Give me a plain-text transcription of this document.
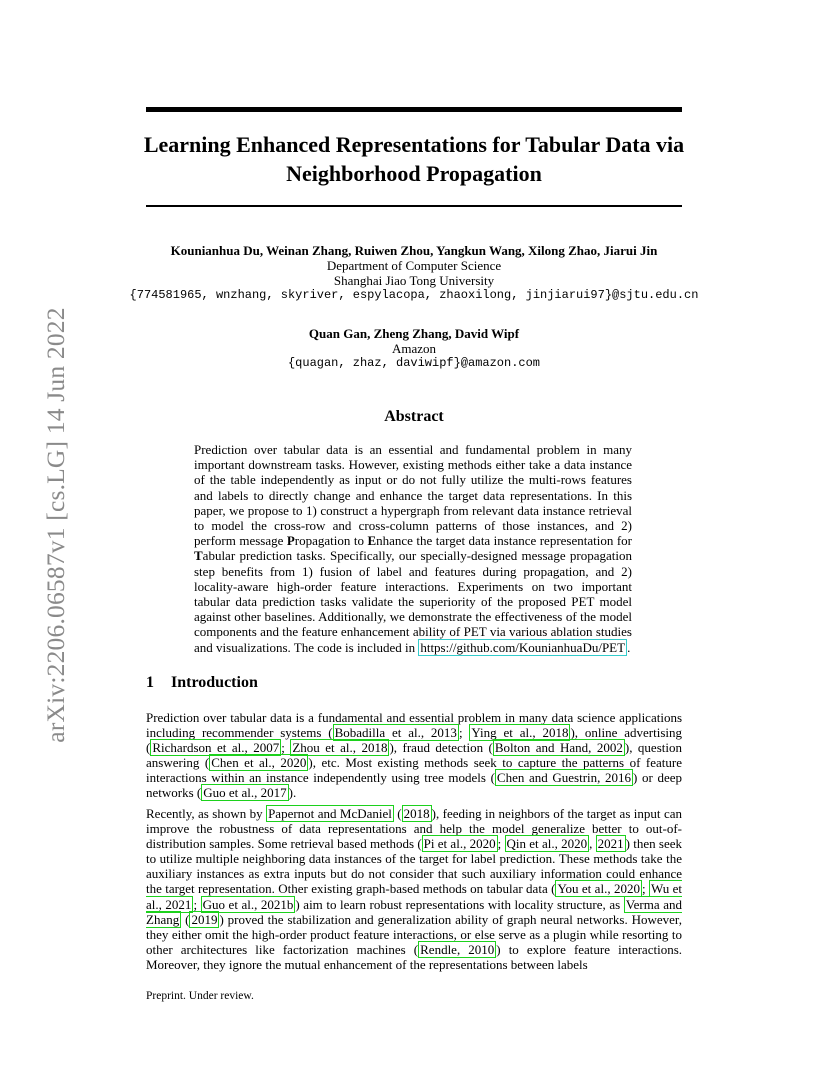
Learning Enhanced Representations for Tabular Data via Neighborhood Propagation
arXiv:2206.06587v1 [cs.LG] 14 Jun 2022
Kounianhua Du, Weinan Zhang, Ruiwen Zhou, Yangkun Wang, Xilong Zhao, Jiarui Jin
Department of Computer Science
Shanghai Jiao Tong University
{774581965, wnzhang, skyriver, espylacopa, zhaoxilong, jinjiarui97}@sjtu.edu.cn
Quan Gan, Zheng Zhang, David Wipf
Amazon
{quagan, zhaz, daviwipf}@amazon.com
Abstract

Prediction over tabular data is an essential and fundamental problem in many important downstream tasks. However, existing methods either take a data instance of the table independently as input or do not fully utilize the multi-rows features and labels to directly change and enhance the target data representations. In this paper, we propose to 1) construct a hypergraph from relevant data instance retrieval to model the cross-row and cross-column patterns of those instances, and 2) perform message Propagation to Enhance the target data instance representation for Tabular prediction tasks. Specifically, our specially-designed message propagation step benefits from 1) fusion of label and features during propagation, and 2) locality-aware high-order feature interactions. Experiments on two important tabular data prediction tasks validate the superiority of the proposed PET model against other baselines. Additionally, we demonstrate the effectiveness of the model components and the feature enhancement ability of PET via various ablation studies and visualizations. The code is included in https://github.com/KounianhuaDu/PET .

1 Introduction

Prediction over tabular data is a fundamental and essential problem in many data science applications including recommender systems ( Bobadilla et al., 2013 ; Ying et al., 2018 ), online advertising ( Richardson et al., 2007 ; Zhou et al., 2018 ), fraud detection ( Bolton and Hand, 2002 ), question answering ( Chen et al., 2020 ), etc. Most existing methods seek to capture the patterns of feature interactions within an instance independently using tree models ( Chen and Guestrin, 2016 ) or deep networks ( Guo et al., 2017 ).

Recently, as shown by Papernot and McDaniel ( 2018 ), feeding in neighbors of the target as input can improve the robustness of data representations and help the model generalize better to out-of-distribution samples. Some retrieval based methods ( Pi et al., 2020 ; Qin et al., 2020 , 2021 ) then seek to utilize multiple neighboring data instances of the target for label prediction. These methods take the auxiliary instances as extra inputs but do not consider that such auxiliary information could enhance the target representation. Other existing graph-based methods on tabular data ( You et al., 2020 ; Wu et al., 2021 ; Guo et al., 2021b ) aim to learn robust representations with locality structure, as Verma and Zhang ( 2019 ) proved the stabilization and generalization ability of graph neural networks. However, they either omit the high-order product feature interactions, or else serve as a plugin while resorting to other architectures like factorization machines ( Rendle, 2010 ) to explore feature interactions. Moreover, they ignore the mutual enhancement of the representations between labels

Preprint. Under review.
